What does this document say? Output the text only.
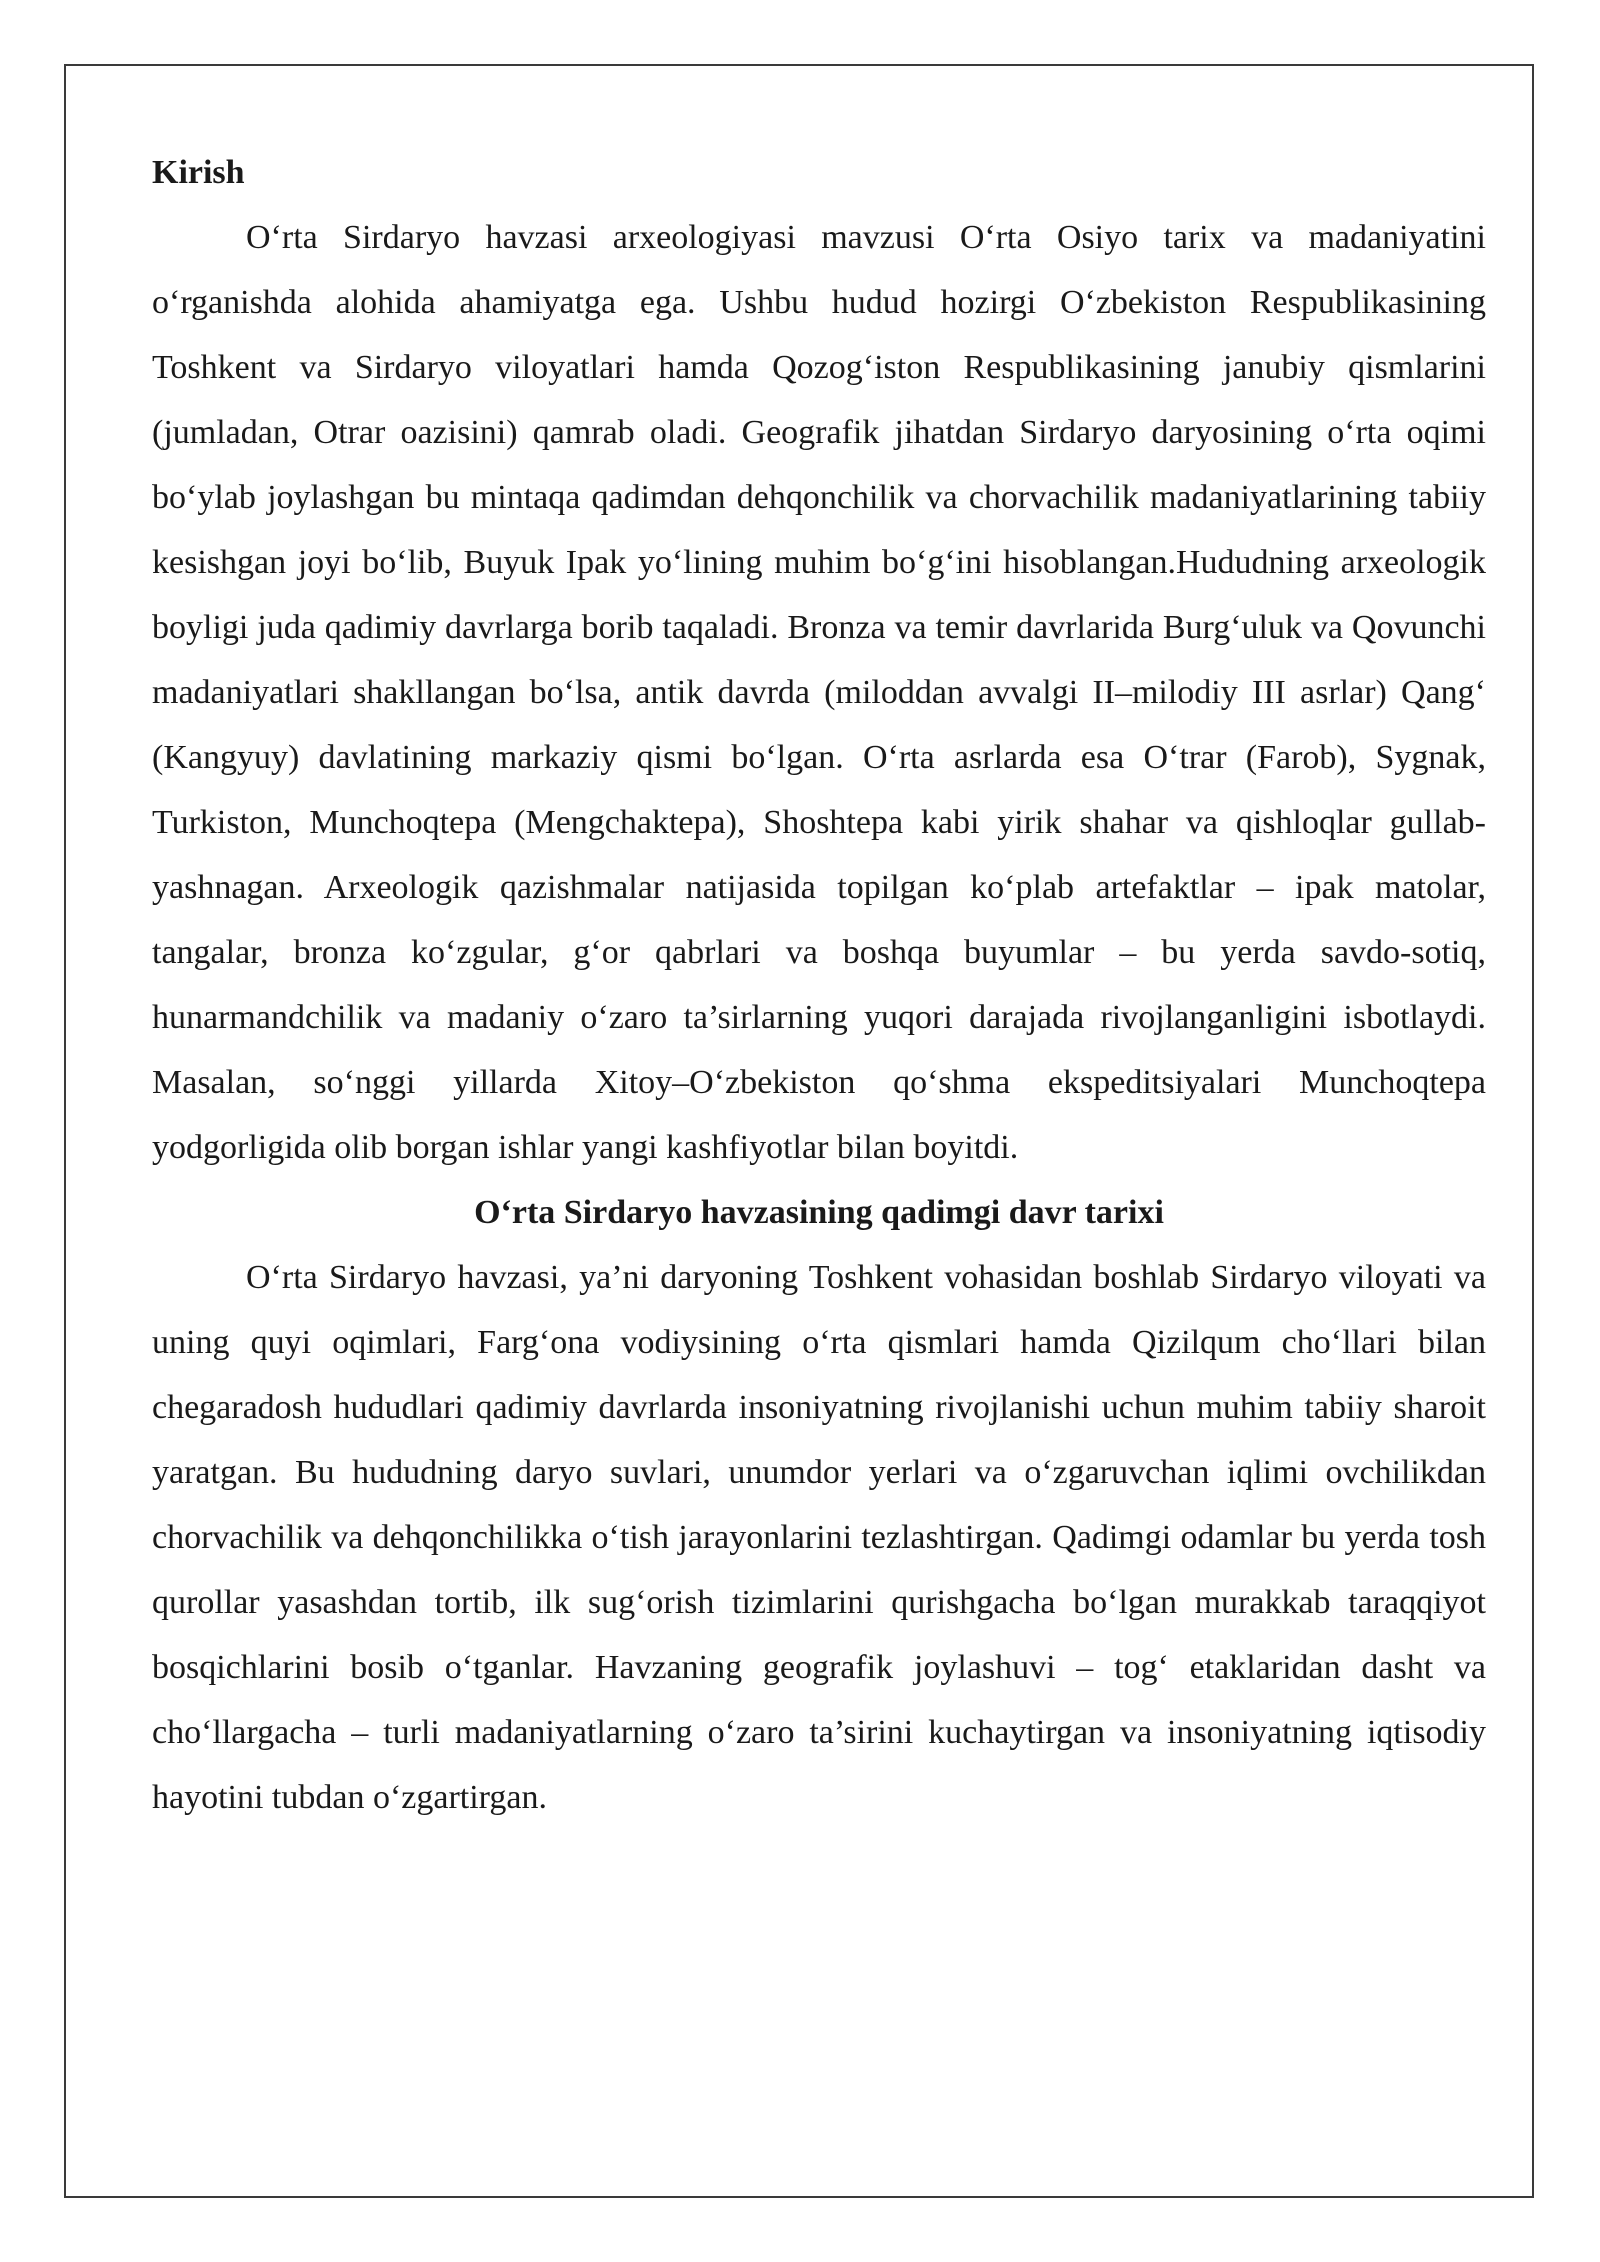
Kirish

O‘rta Sirdaryo havzasi arxeologiyasi mavzusi O‘rta Osiyo tarix va madaniyatini o‘rganishda alohida ahamiyatga ega. Ushbu hudud hozirgi O‘zbekiston Respublikasining Toshkent va Sirdaryo viloyatlari hamda Qozog‘iston Respublikasining janubiy qismlarini (jumladan, Otrar oazisini) qamrab oladi. Geografik jihatdan Sirdaryo daryosining o‘rta oqimi bo‘ylab joylashgan bu mintaqa qadimdan dehqonchilik va chorvachilik madaniyatlarining tabiiy kesishgan joyi bo‘lib, Buyuk Ipak yo‘lining muhim bo‘g‘ini hisoblangan.Hududning arxeologik boyligi juda qadimiy davrlarga borib taqaladi. Bronza va temir davrlarida Burg‘uluk va Qovunchi madaniyatlari shakllangan bo‘lsa, antik davrda (miloddan avvalgi II–milodiy III asrlar) Qang‘ (Kangyuy) davlatining markaziy qismi bo‘lgan. O‘rta asrlarda esa O‘trar (Farob), Sygnak, Turkiston, Munchoqtepa (Mengchaktepa), Shoshtepa kabi yirik shahar va qishloqlar gullab-yashnagan. Arxeologik qazishmalar natijasida topilgan ko‘plab artefaktlar – ipak matolar, tangalar, bronza ko‘zgular, g‘or qabrlari va boshqa buyumlar – bu yerda savdo-sotiq, hunarmandchilik va madaniy o‘zaro ta’sirlarning yuqori darajada rivojlanganligini isbotlaydi. Masalan, so‘nggi yillarda Xitoy–O‘zbekiston qo‘shma ekspeditsiyalari Munchoqtepa yodgorligida olib borgan ishlar yangi kashfiyotlar bilan boyitdi.

O‘rta Sirdaryo havzasining qadimgi davr tarixi

O‘rta Sirdaryo havzasi, ya’ni daryoning Toshkent vohasidan boshlab Sirdaryo viloyati va uning quyi oqimlari, Farg‘ona vodiysining o‘rta qismlari hamda Qizilqum cho‘llari bilan chegaradosh hududlari qadimiy davrlarda insoniyatning rivojlanishi uchun muhim tabiiy sharoit yaratgan. Bu hududning daryo suvlari, unumdor yerlari va o‘zgaruvchan iqlimi ovchilikdan chorvachilik va dehqonchilikka o‘tish jarayonlarini tezlashtirgan. Qadimgi odamlar bu yerda tosh qurollar yasashdan tortib, ilk sug‘orish tizimlarini qurishgacha bo‘lgan murakkab taraqqiyot bosqichlarini bosib o‘tganlar. Havzaning geografik joylashuvi – tog‘ etaklaridan dasht va cho‘llargacha – turli madaniyatlarning o‘zaro ta’sirini kuchaytirgan va insoniyatning iqtisodiy hayotini tubdan o‘zgartirgan.
